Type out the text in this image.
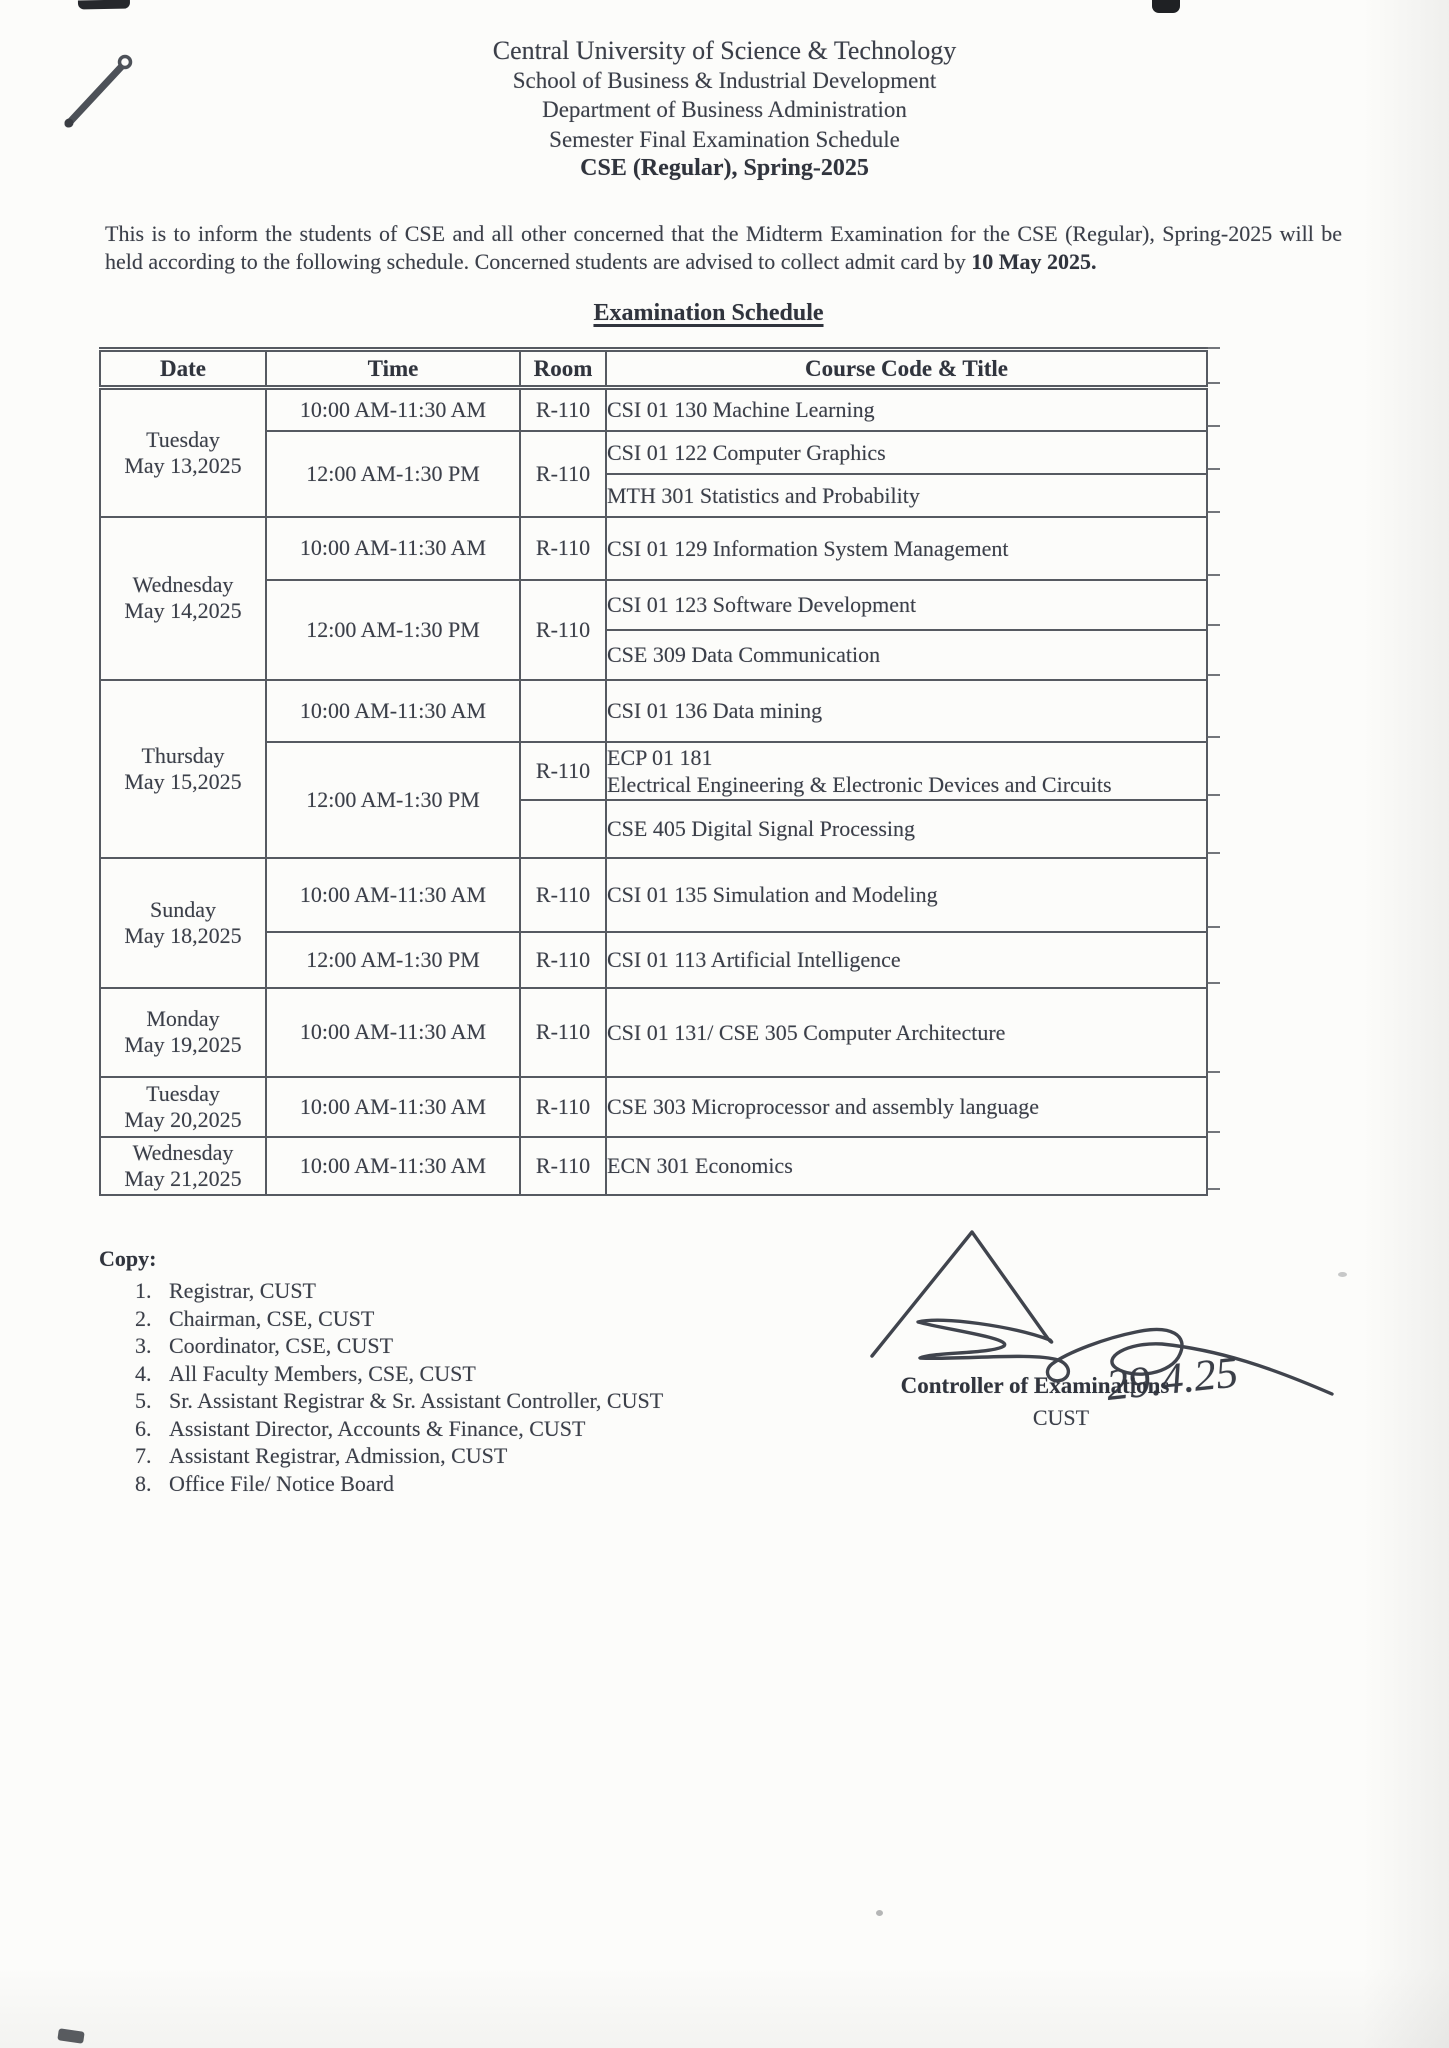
Central University of Science & Technology
School of Business & Industrial Development
Department of Business Administration
Semester Final Examination Schedule
CSE (Regular), Spring-2025

This is to inform the students of CSE and all other concerned that the Midterm Examination for the CSE (Regular), Spring-2025 will be held according to the following schedule. Concerned students are advised to collect admit card by 10 May 2025.

Examination Schedule
Date	Time	Room	Course Code & Title

Tuesday
May 13,2025	10:00 AM-11:30 AM	R-110	CSI 01 130 Machine Learning
	12:00 AM-1:30 PM	R-110	CSI 01 122 Computer Graphics
			MTH 301 Statistics and Probability

Wednesday
May 14,2025	10:00 AM-11:30 AM	R-110	CSI 01 129 Information System Management
	12:00 AM-1:30 PM	R-110	CSI 01 123 Software Development
			CSE 309 Data Communication

Thursday
May 15,2025	10:00 AM-11:30 AM		CSI 01 136 Data mining
	12:00 AM-1:30 PM	R-110	ECP 01 181
Electrical Engineering & Electronic Devices and Circuits

			CSE 405 Digital Signal Processing

Sunday
May 18,2025	10:00 AM-11:30 AM	R-110	CSI 01 135 Simulation and Modeling
	12:00 AM-1:30 PM	R-110	CSI 01 113 Artificial Intelligence

Monday
May 19,2025	10:00 AM-11:30 AM	R-110	CSI 01 131/ CSE 305 Computer Architecture

Tuesday
May 20,2025	10:00 AM-11:30 AM	R-110	CSE 303 Microprocessor and assembly language

Wednesday
May 21,2025	10:00 AM-11:30 AM	R-110	ECN 301 Economics
Copy:
1. Registrar, CUST
2. Chairman, CSE, CUST
3. Coordinator, CSE, CUST
4. All Faculty Members, CSE, CUST
5. Sr. Assistant Registrar & Sr. Assistant Controller, CUST
6. Assistant Director, Accounts & Finance, CUST
7. Assistant Registrar, Admission, CUST
8. Office File/ Notice Board
29.4.25
Controller of Examinations
CUST
